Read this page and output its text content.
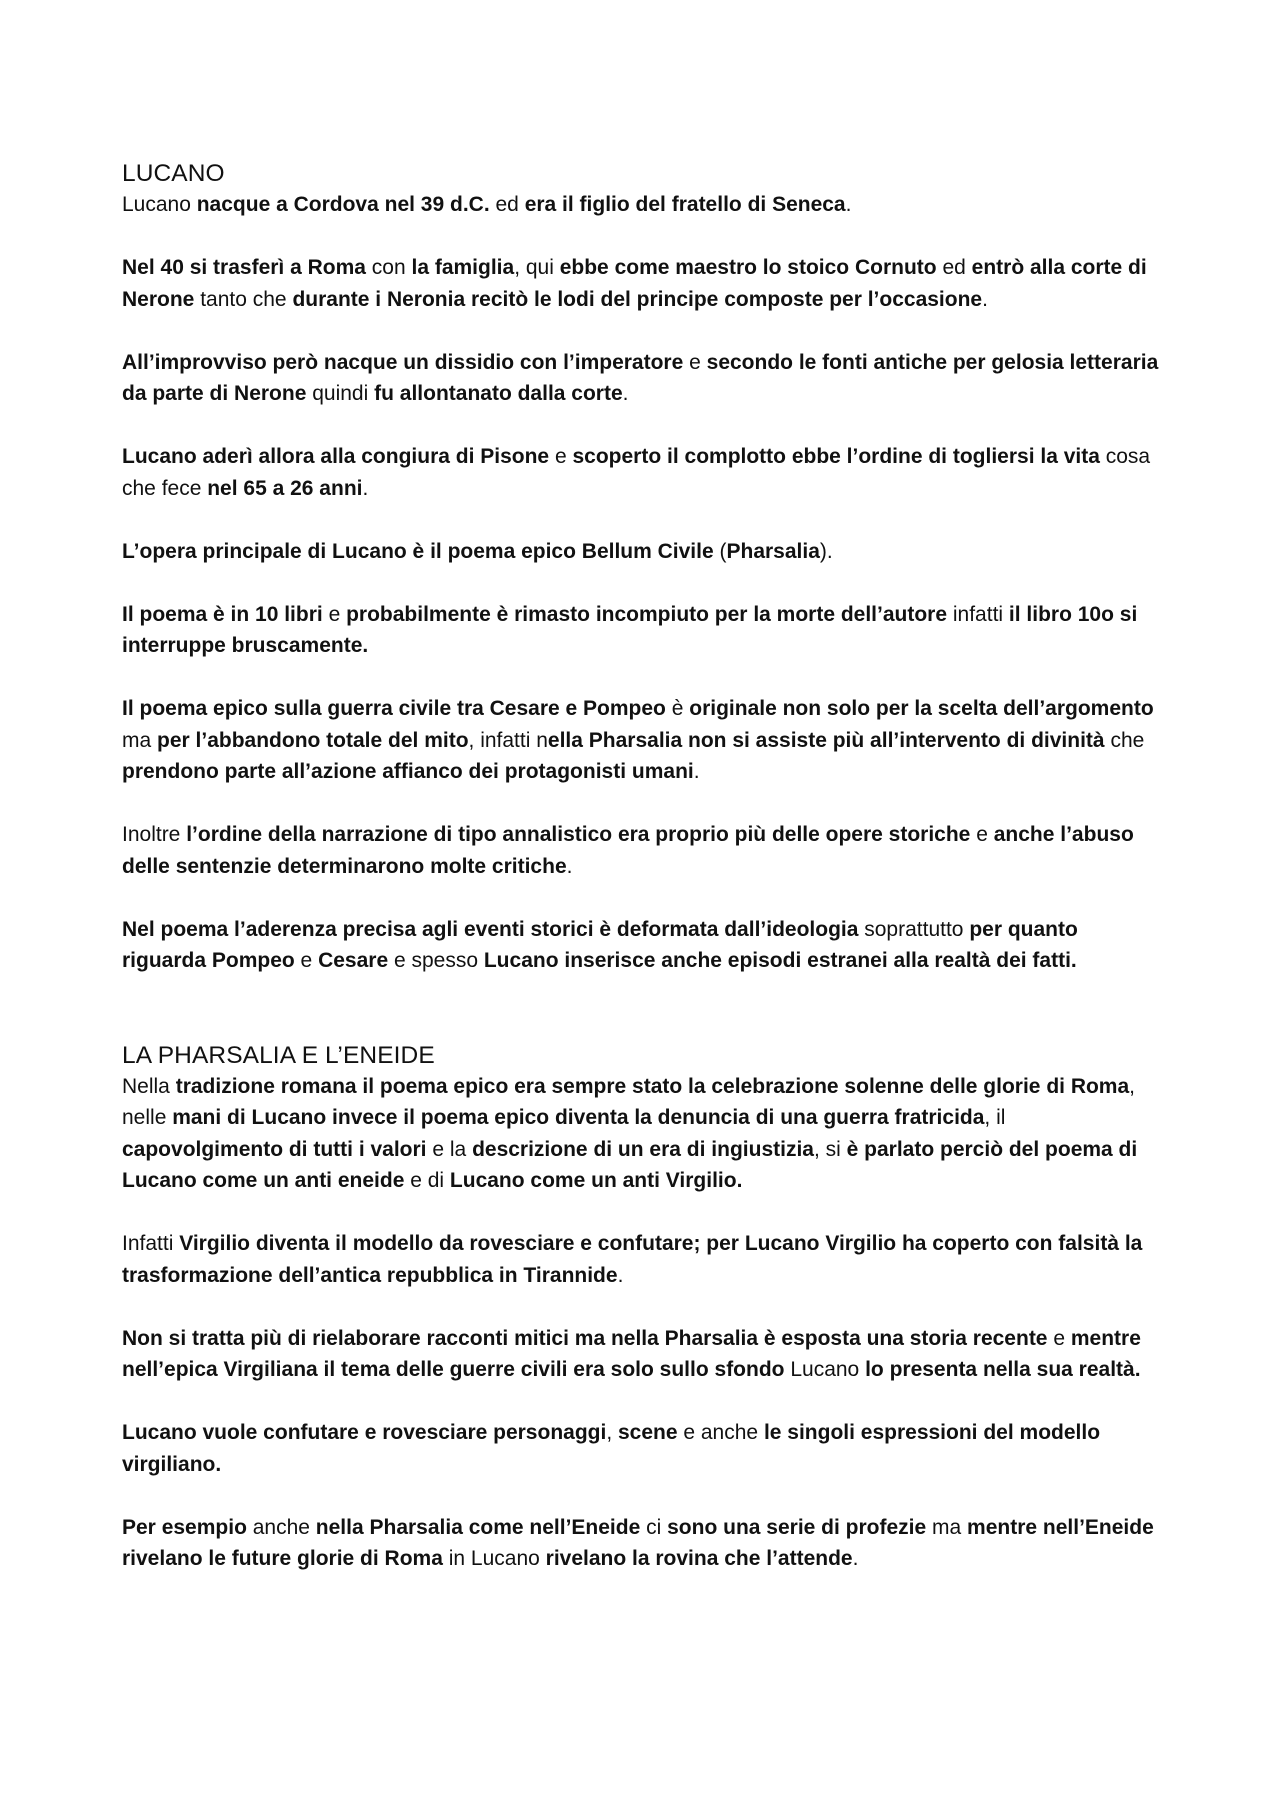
LUCANO

Lucano nacque a Cordova nel 39 d.C. ed era il figlio del fratello di Seneca.

Nel 40 si trasferì a Roma con la famiglia, qui ebbe come maestro lo stoico Cornuto ed entrò alla corte di Nerone tanto che durante i Neronia recitò le lodi del principe composte per l’occasione.

All’improvviso però nacque un dissidio con l’imperatore e secondo le fonti antiche per gelosia letteraria da parte di Nerone quindi fu allontanato dalla corte.

Lucano aderì allora alla congiura di Pisone e scoperto il complotto ebbe l’ordine di togliersi la vita cosa che fece nel 65 a 26 anni.

L’opera principale di Lucano è il poema epico Bellum Civile (Pharsalia).

Il poema è in 10 libri e probabilmente è rimasto incompiuto per la morte dell’autore infatti il libro 10o si interruppe bruscamente.

Il poema epico sulla guerra civile tra Cesare e Pompeo è originale non solo per la scelta dell’argomento ma per l’abbandono totale del mito, infatti nella Pharsalia non si assiste più all’intervento di divinità che prendono parte all’azione affianco dei protagonisti umani.

Inoltre l’ordine della narrazione di tipo annalistico era proprio più delle opere storiche e anche l’abuso delle sentenzie determinarono molte critiche.

Nel poema l’aderenza precisa agli eventi storici è deformata dall’ideologia soprattutto per quanto riguarda Pompeo e Cesare e spesso Lucano inserisce anche episodi estranei alla realtà dei fatti.

LA PHARSALIA E L’ENEIDE

Nella tradizione romana il poema epico era sempre stato la celebrazione solenne delle glorie di Roma, nelle mani di Lucano invece il poema epico diventa la denuncia di una guerra fratricida, il capovolgimento di tutti i valori e la descrizione di un era di ingiustizia, si è parlato perciò del poema di Lucano come un anti eneide e di Lucano come un anti Virgilio.

Infatti Virgilio diventa il modello da rovesciare e confutare; per Lucano Virgilio ha coperto con falsità la trasformazione dell’antica repubblica in Tirannide.

Non si tratta più di rielaborare racconti mitici ma nella Pharsalia è esposta una storia recente e mentre nell’epica Virgiliana il tema delle guerre civili era solo sullo sfondo Lucano lo presenta nella sua realtà.

Lucano vuole confutare e rovesciare personaggi, scene e anche le singoli espressioni del modello virgiliano.

Per esempio anche nella Pharsalia come nell’Eneide ci sono una serie di profezie ma mentre nell’Eneide rivelano le future glorie di Roma in Lucano rivelano la rovina che l’attende.
